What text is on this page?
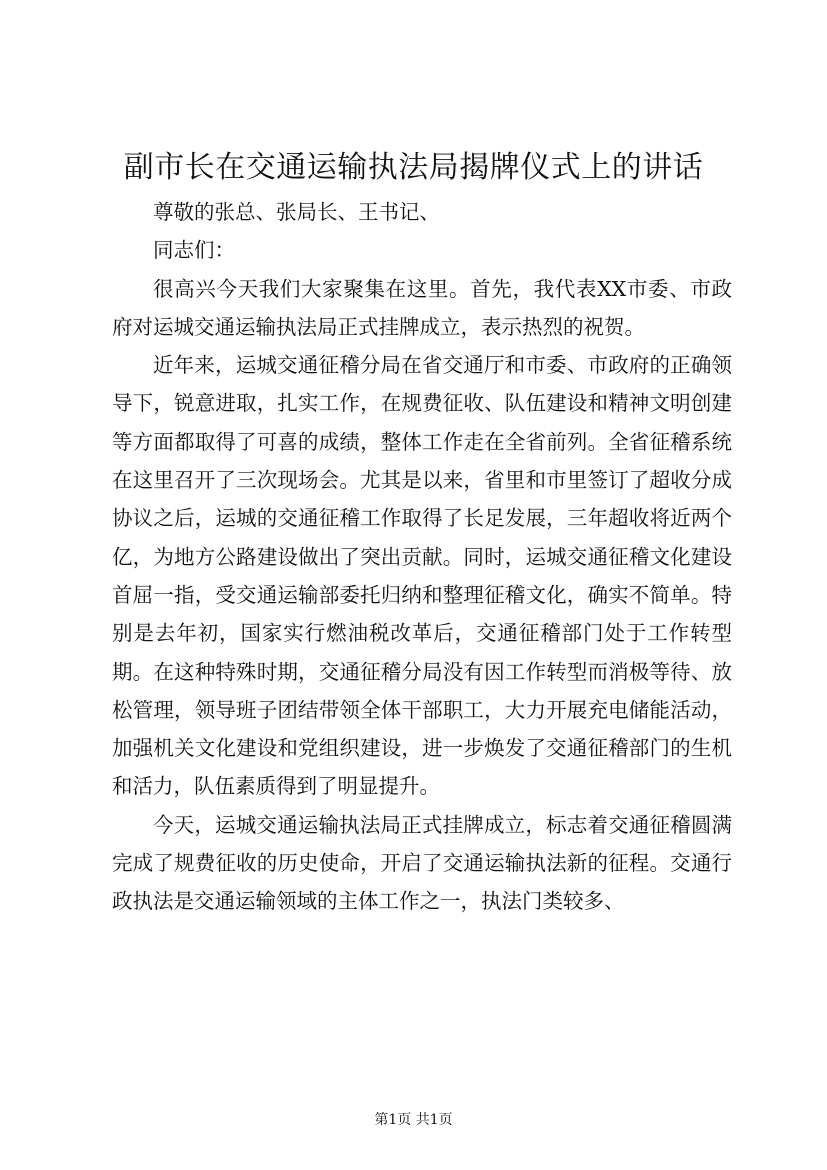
副市长在交通运输执法局揭牌仪式上的讲话

尊敬的张总、张局长、王书记、

同志们：

很高兴今天我们大家聚集在这里。首先，我代表XX市委、市政府对运城交通运输执法局正式挂牌成立，表示热烈的祝贺。

近年来，运城交通征稽分局在省交通厅和市委、市政府的正确领导下，锐意进取，扎实工作，在规费征收、队伍建设和精神文明创建等方面都取得了可喜的成绩，整体工作走在全省前列。全省征稽系统在这里召开了三次现场会。尤其是以来，省里和市里签订了超收分成协议之后，运城的交通征稽工作取得了长足发展，三年超收将近两个亿，为地方公路建设做出了突出贡献。同时，运城交通征稽文化建设首屈一指，受交通运输部委托归纳和整理征稽文化，确实不简单。特别是去年初，国家实行燃油税改革后，交通征稽部门处于工作转型期。在这种特殊时期，交通征稽分局没有因工作转型而消极等待、放松管理，领导班子团结带领全体干部职工，大力开展充电储能活动，加强机关文化建设和党组织建设，进一步焕发了交通征稽部门的生机和活力，队伍素质得到了明显提升。

今天，运城交通运输执法局正式挂牌成立，标志着交通征稽圆满完成了规费征收的历史使命，开启了交通运输执法新的征程。交通行政执法是交通运输领域的主体工作之一，执法门类较多、

第1页 共1页
